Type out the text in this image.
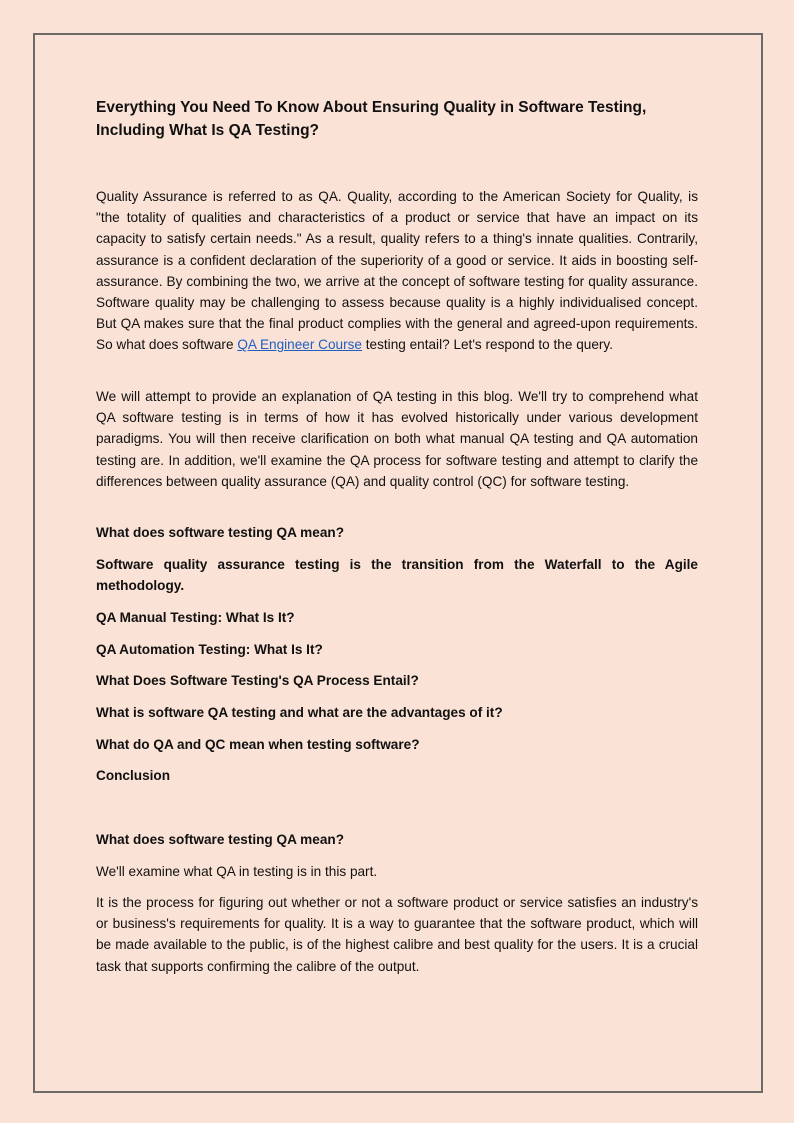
Everything You Need To Know About Ensuring Quality in Software Testing, Including What Is QA Testing?

Quality Assurance is referred to as QA. Quality, according to the American Society for Quality, is "the totality of qualities and characteristics of a product or service that have an impact on its capacity to satisfy certain needs." As a result, quality refers to a thing's innate qualities. Contrarily, assurance is a confident declaration of the superiority of a good or service. It aids in boosting self-assurance. By combining the two, we arrive at the concept of software testing for quality assurance. Software quality may be challenging to assess because quality is a highly individualised concept. But QA makes sure that the final product complies with the general and agreed-upon requirements. So what does software QA Engineer Course testing entail? Let's respond to the query.

We will attempt to provide an explanation of QA testing in this blog. We'll try to comprehend what QA software testing is in terms of how it has evolved historically under various development paradigms. You will then receive clarification on both what manual QA testing and QA automation testing are. In addition, we'll examine the QA process for software testing and attempt to clarify the differences between quality assurance (QA) and quality control (QC) for software testing.

What does software testing QA mean?

Software quality assurance testing is the transition from the Waterfall to the Agile methodology.

QA Manual Testing: What Is It?

QA Automation Testing: What Is It?

What Does Software Testing's QA Process Entail?

What is software QA testing and what are the advantages of it?

What do QA and QC mean when testing software?

Conclusion

What does software testing QA mean?

We'll examine what QA in testing is in this part.

It is the process for figuring out whether or not a software product or service satisfies an industry's or business's requirements for quality. It is a way to guarantee that the software product, which will be made available to the public, is of the highest calibre and best quality for the users. It is a crucial task that supports confirming the calibre of the output.
